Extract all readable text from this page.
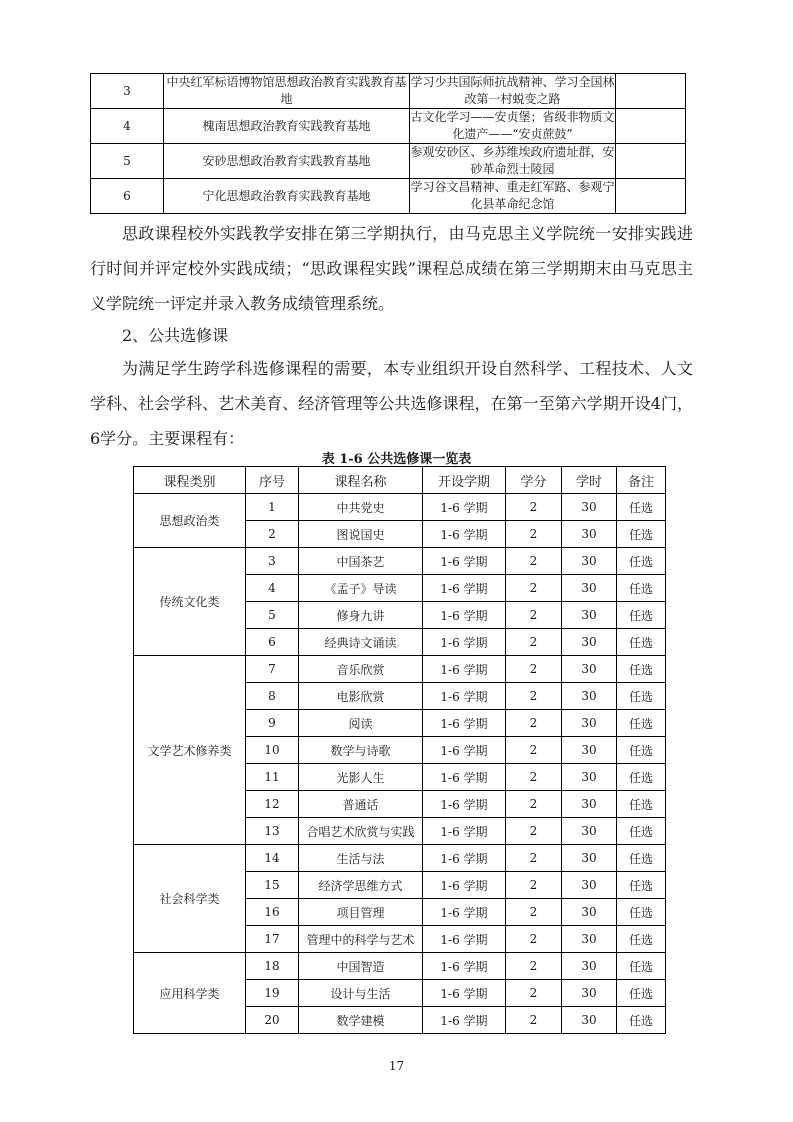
3	中央红军标语博物馆思想政治教育实践教育基地	学习少共国际师抗战精神、学习全国林改第一村蜕变之路	
4	槐南思想政治教育实践教育基地	古文化学习——安贞堡；省级非物质文化遗产——“安贞蔗鼓”	
5	安砂思想政治教育实践教育基地	参观安砂区、乡苏维埃政府遗址群，安砂革命烈士陵园	
6	宁化思想政治教育实践教育基地	学习谷文昌精神、重走红军路、参观宁化县革命纪念馆	

思政课程校外实践教学安排在第三学期执行，由马克思主义学院统一安排实践进行时间并评定校外实践成绩；“思政课程实践”课程总成绩在第三学期期末由马克思主义学院统一评定并录入教务成绩管理系统。

2、公共选修课

为满足学生跨学科选修课程的需要，本专业组织开设自然科学、工程技术、人文学科、社会学科、艺术美育、经济管理等公共选修课程，在第一至第六学期开设4门，6学分。主要课程有：

表 1-6 公共选修课一览表
课程类别	序号	课程名称	开设学期	学分	学时	备注
思想政治类	1	中共党史	1-6 学期	2	30	任选
	2	图说国史	1-6 学期	2	30	任选
传统文化类	3	中国茶艺	1-6 学期	2	30	任选
	4	《孟子》导读	1-6 学期	2	30	任选
	5	修身九讲	1-6 学期	2	30	任选
	6	经典诗文诵读	1-6 学期	2	30	任选
文学艺术修养类	7	音乐欣赏	1-6 学期	2	30	任选
	8	电影欣赏	1-6 学期	2	30	任选
	9	阅读	1-6 学期	2	30	任选
	10	数学与诗歌	1-6 学期	2	30	任选
	11	光影人生	1-6 学期	2	30	任选
	12	普通话	1-6 学期	2	30	任选
	13	合唱艺术欣赏与实践	1-6 学期	2	30	任选
社会科学类	14	生活与法	1-6 学期	2	30	任选
	15	经济学思维方式	1-6 学期	2	30	任选
	16	项目管理	1-6 学期	2	30	任选
	17	管理中的科学与艺术	1-6 学期	2	30	任选
应用科学类	18	中国智造	1-6 学期	2	30	任选
	19	设计与生活	1-6 学期	2	30	任选
	20	数学建模	1-6 学期	2	30	任选
17
